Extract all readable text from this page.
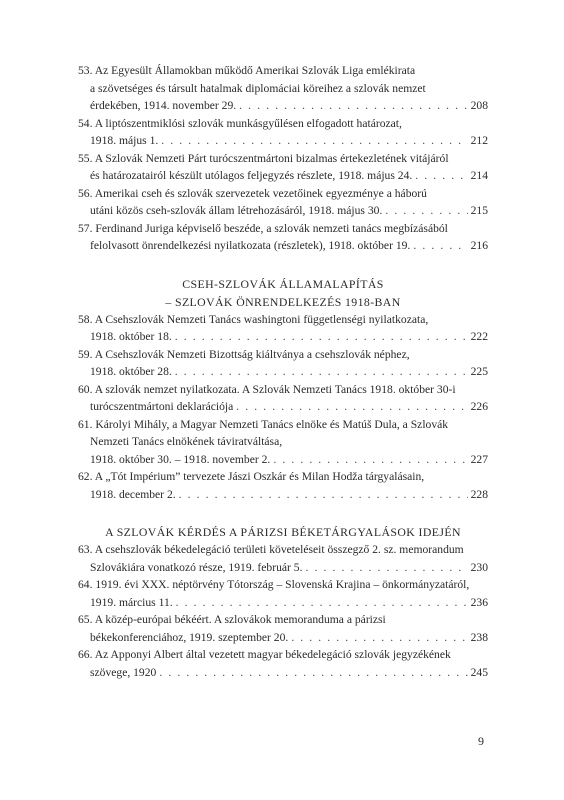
53. Az Egyesült Államokban működő Amerikai Szlovák Liga emlékirata
a szövetséges és társult hatalmak diplomáciai köreihez a szlovák nemzet
érdekében, 1914. november 29. . . .	208
54. A liptószentmiklósi szlovák munkásgyűlésen elfogadott határozat,
1918. május 1. . . .	212
55. A Szlovák Nemzeti Párt turócszentmártoni bizalmas értekezletének vitájáról
és határozatairól készült utólagos feljegyzés részlete, 1918. május 24. . . .	214
56. Amerikai cseh és szlovák szervezetek vezetőinek egyezménye a háború
utáni közös cseh-szlovák állam létrehozásáról, 1918. május 30. . . .	215
57. Ferdinand Juriga képviselő beszéde, a szlovák nemzeti tanács megbízásából
felolvasott önrendelkezési nyilatkozata (részletek), 1918. október 19. . . .	216
CSEH-SZLOVÁK ÁLLAMALAPÍTÁS
– SZLOVÁK ÖNRENDELKEZÉS 1918-BAN
58. A Csehszlovák Nemzeti Tanács washingtoni függetlenségi nyilatkozata,
1918. október 18. . . .	222
59. A Csehszlovák Nemzeti Bizottság kiáltványa a csehszlovák néphez,
1918. október 28. . . .	225
60. A szlovák nemzet nyilatkozata. A Szlovák Nemzeti Tanács 1918. október 30-i
turócszentmártoni deklarációja . . .	226
61. Károlyi Mihály, a Magyar Nemzeti Tanács elnöke és Matúš Dula, a Szlovák
Nemzeti Tanács elnökének táviratváltása,
1918. október 30. – 1918. november 2. . . .	227
62. A „Tót Impérium” tervezete Jászi Oszkár és Milan Hodža tárgyalásain,
1918. december 2. . . .	228
A SZLOVÁK KÉRDÉS A PÁRIZSI BÉKETÁRGYALÁSOK IDEJÉN
63. A csehszlovák békedelegáció területi követeléseit összegző 2. sz. memorandum
Szlovákiára vonatkozó része, 1919. február 5. . . .	230
64. 1919. évi XXX. néptörvény Tótország – Slovenská Krajina – önkormányzatáról,
1919. március 11. . . .	236
65. A közép-európai békéért. A szlovákok memoranduma a párizsi
békekonferenciához, 1919. szeptember 20. . . .	238
66. Az Apponyi Albert által vezetett magyar békedelegáció szlovák jegyzékének
szövege, 1920 . . .	245
9
